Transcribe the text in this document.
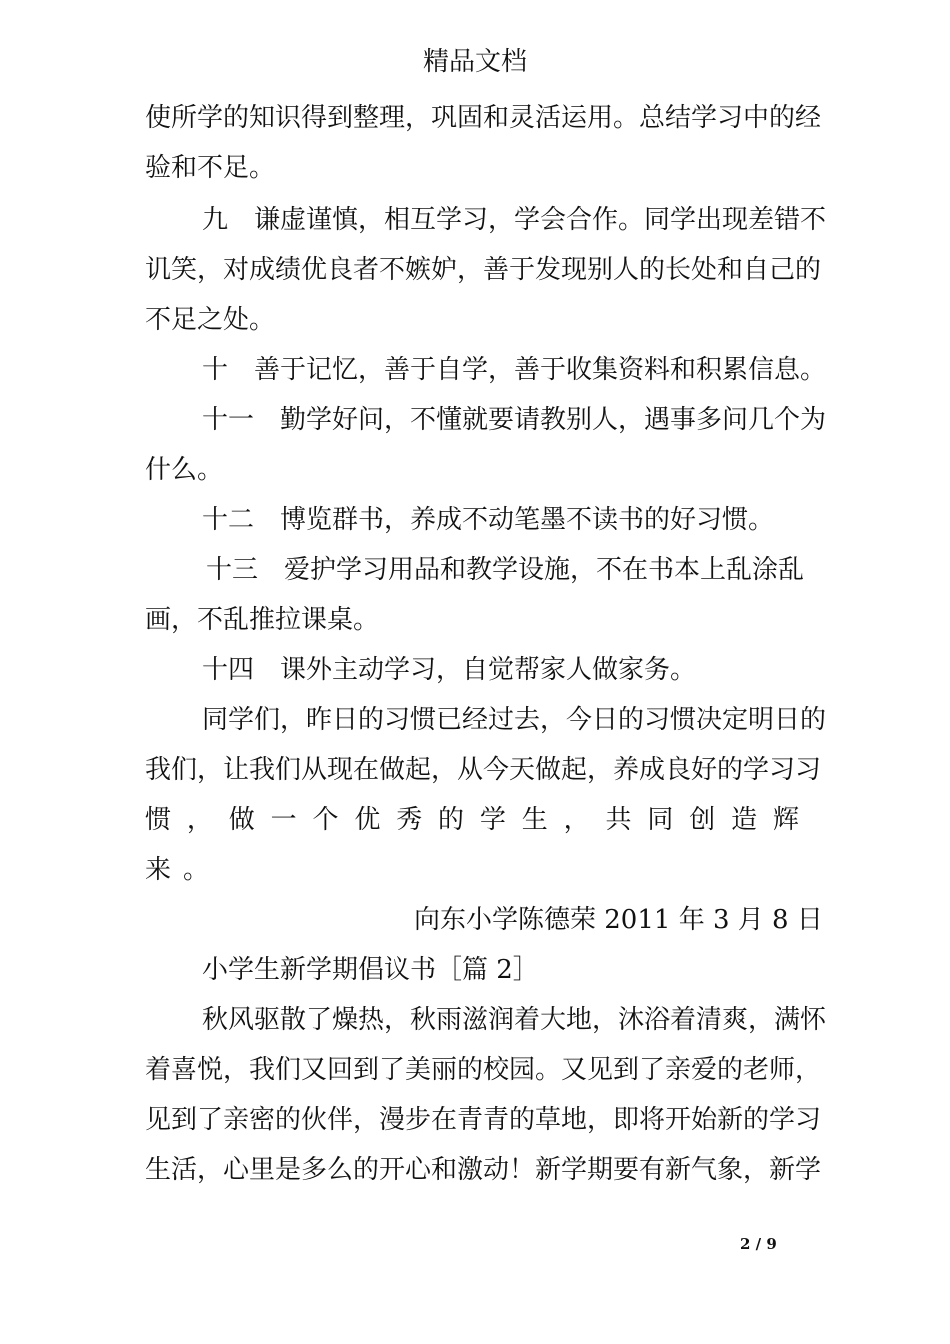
精品文档

使所学的知识得到整理，巩固和灵活运用。总结学习中的经

验和不足。

九　谦虚谨慎，相互学习，学会合作。同学出现差错不

讥笑，对成绩优良者不嫉妒，善于发现别人的长处和自己的

不足之处。

十　善于记忆，善于自学，善于收集资料和积累信息。

十一　勤学好问，不懂就要请教别人，遇事多问几个为

什么。

十二　博览群书，养成不动笔墨不读书的好习惯。

十三　爱护学习用品和教学设施，不在书本上乱涂乱

画，不乱推拉课桌。

十四　课外主动学习，自觉帮家人做家务。

同学们，昨日的习惯已经过去，今日的习惯决定明日的

我们，让我们从现在做起，从今天做起，养成良好的学习习

惯，做一个优秀的学生，共同创造辉

来。

向东小学陈德荣 2011 年 3 月 8 日

小学生新学期倡议书［篇 2］

秋风驱散了燥热，秋雨滋润着大地，沐浴着清爽，满怀

着喜悦，我们又回到了美丽的校园。又见到了亲爱的老师，

见到了亲密的伙伴，漫步在青青的草地，即将开始新的学习

生活，心里是多么的开心和激动！新学期要有新气象，新学

2 / 9
